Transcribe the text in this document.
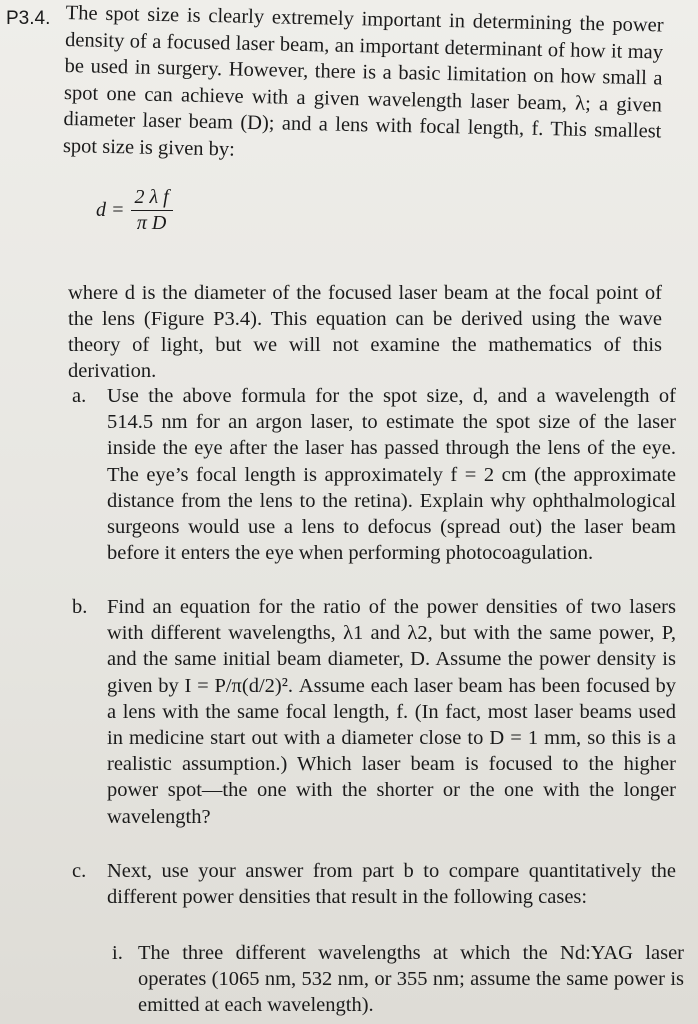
P3.4. The spot size is clearly extremely important in determining the power density of a focused laser beam, an important determinant of how it may be used in surgery. However, there is a basic limitation on how small a spot one can achieve with a given wavelength laser beam, λ; a given diameter laser beam (D); and a lens with focal length, f. This smallest spot size is given by:

$d = \frac{\text{2 λ f}}{\text{π D}}$

where d is the diameter of the focused laser beam at the focal point of the lens (Figure P3.4). This equation can be derived using the wave theory of light, but we will not examine the mathematics of this derivation.

a. Use the above formula for the spot size, d, and a wavelength of 514.5 nm for an argon laser, to estimate the spot size of the laser inside the eye after the laser has passed through the lens of the eye. The eye’s focal length is approximately f = 2 cm (the approximate distance from the lens to the retina). Explain why ophthalmological surgeons would use a lens to defocus (spread out) the laser beam before it enters the eye when performing photocoagulation.
b. Find an equation for the ratio of the power densities of two lasers with different wavelengths, λ1 and λ2, but with the same power, P, and the same initial beam diameter, D. Assume the power density is given by I = P/π(d/2)². Assume each laser beam has been focused by a lens with the same focal length, f. (In fact, most laser beams used in medicine start out with a diameter close to D = 1 mm, so this is a realistic assumption.) Which laser beam is focused to the higher power spot—the one with the shorter or the one with the longer wavelength?
c. Next, use your answer from part b to compare quantitatively the different power densities that result in the following cases:
i. The three different wavelengths at which the Nd:YAG laser operates (1065 nm, 532 nm, or 355 nm; assume the same power is emitted at each wavelength).
